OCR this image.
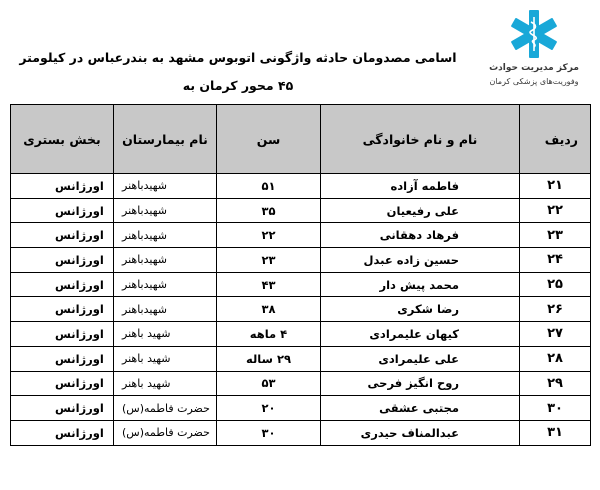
اسامی مصدومان حادثه واژگونی اتوبوس مشهد به بندرعباس در کیلومتر ۴۵ محور کرمان به
مرکز مدیریت حوادث
وفوریت‌های پزشکی کرمان
ردیف	نام و نام خانوادگی	سن	نام بیمارستان	بخش بستری
۲۱	فاطمه آزاده	۵۱	شهیدباهنر	اورژانس
۲۲	علی رفیعیان	۳۵	شهیدباهنر	اورژانس
۲۳	فرهاد دهقانی	۲۲	شهیدباهنر	اورژانس
۲۴	حسین زاده عبدل	۲۳	شهیدباهنر	اورژانس
۲۵	محمد پیش دار	۴۳	شهیدباهنر	اورژانس
۲۶	رضا شکری	۳۸	شهیدباهنر	اورژانس
۲۷	کیهان علیمرادی	۴ ماهه	شهید باهنر	اورژانس
۲۸	علی علیمرادی	۲۹ ساله	شهید باهنر	اورژانس
۲۹	روح انگیز فرحی	۵۳	شهید باهنر	اورژانس
۳۰	مجتبی عشقی	۲۰	حضرت فاطمه(س)	اورژانس
۳۱	عبدالمناف حیدری	۳۰	حضرت فاطمه(س)	اورژانس
